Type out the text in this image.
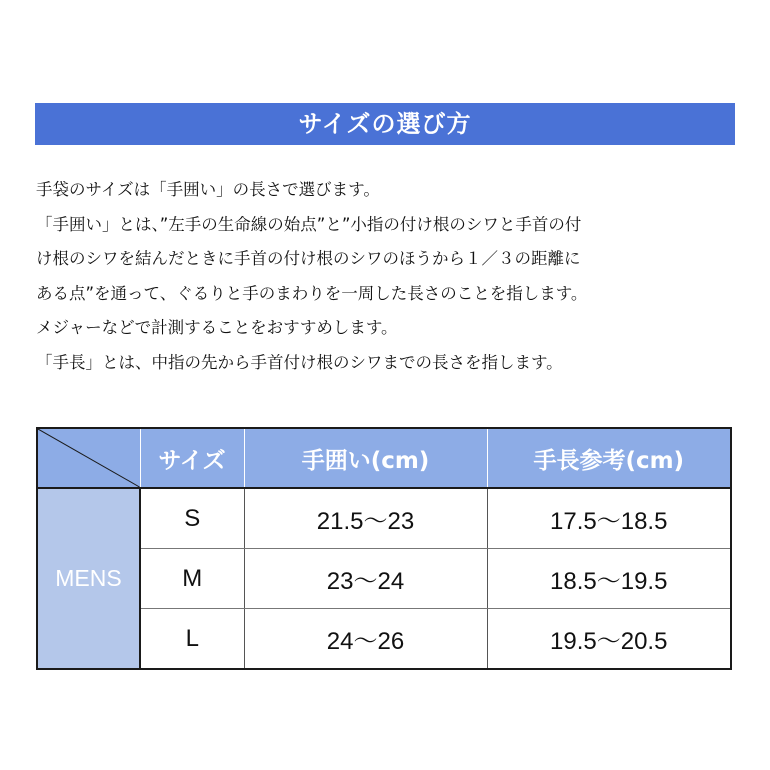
サイズの選び方
手袋のサイズは「手囲い」の長さで選びます。
「手囲い」とは、”左手の生命線の始点”と”小指の付け根のシワと手首の付
け根のシワを結んだときに手首の付け根のシワのほうから１／３の距離に
ある点”を通って、ぐるりと手のまわりを一周した長さのことを指します。
メジャーなどで計測することをおすすめします。
「手長」とは、中指の先から手首付け根のシワまでの長さを指します。
	サイズ	手囲い(cm)	手長参考(cm)
MENS	S	21.5〜23	17.5〜18.5
	M	23〜24	18.5〜19.5
	L	24〜26	19.5〜20.5
